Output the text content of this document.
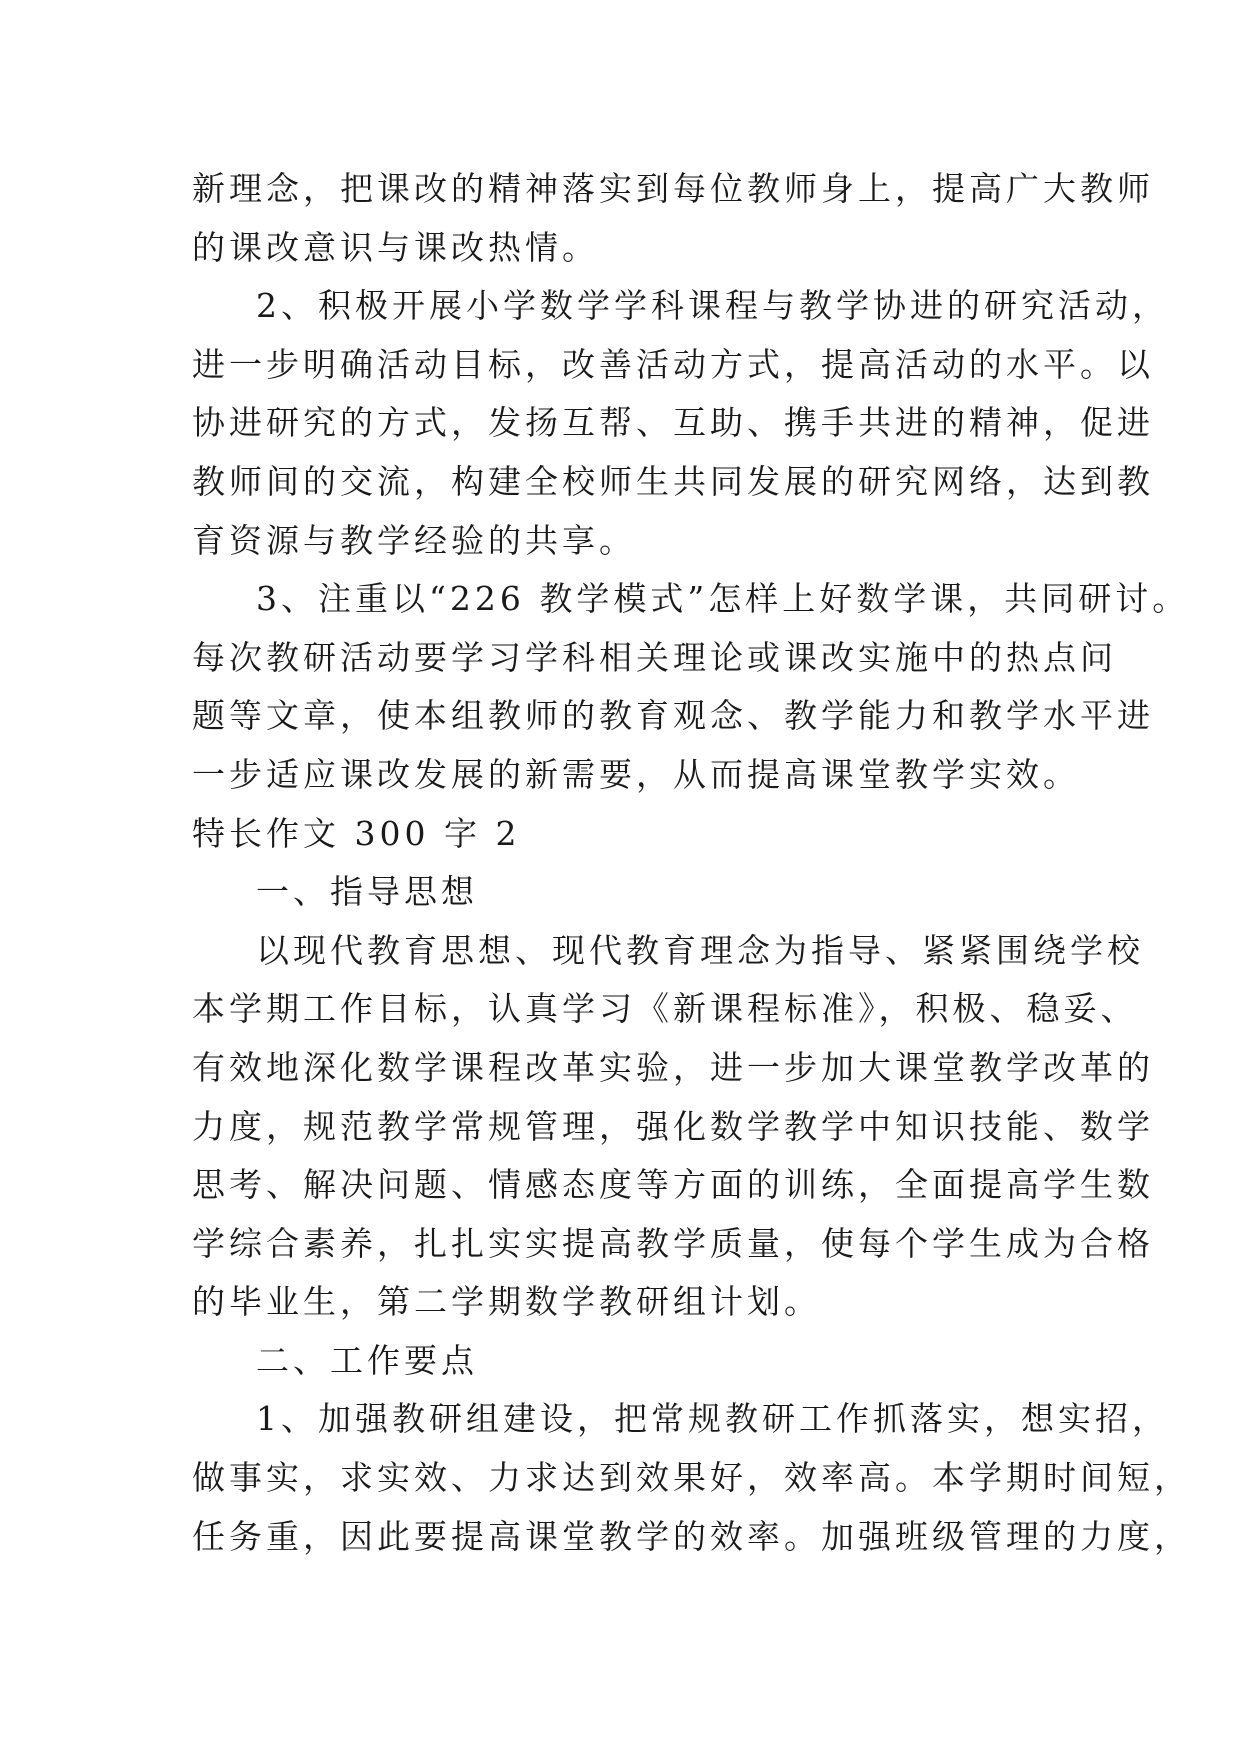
新理念，把课改的精神落实到每位教师身上，提高广大教师
的课改意识与课改热情。
2、积极开展小学数学学科课程与教学协进的研究活动，
进一步明确活动目标，改善活动方式，提高活动的水平。以
协进研究的方式，发扬互帮、互助、携手共进的精神，促进
教师间的交流，构建全校师生共同发展的研究网络，达到教
育资源与教学经验的共享。
3、注重以“226 教学模式”怎样上好数学课，共同研讨。
每次教研活动要学习学科相关理论或课改实施中的热点问
题等文章，使本组教师的教育观念、教学能力和教学水平进
一步适应课改发展的新需要，从而提高课堂教学实效。
特长作文 300 字 2
一、指导思想
以现代教育思想、现代教育理念为指导、紧紧围绕学校
本学期工作目标，认真学习《新课程标准》，积极、稳妥、
有效地深化数学课程改革实验，进一步加大课堂教学改革的
力度，规范教学常规管理，强化数学教学中知识技能、数学
思考、解决问题、情感态度等方面的训练，全面提高学生数
学综合素养，扎扎实实提高教学质量，使每个学生成为合格
的毕业生，第二学期数学教研组计划。
二、工作要点
1、加强教研组建设，把常规教研工作抓落实，想实招，
做事实，求实效、力求达到效果好，效率高。本学期时间短，
任务重，因此要提高课堂教学的效率。加强班级管理的力度，
